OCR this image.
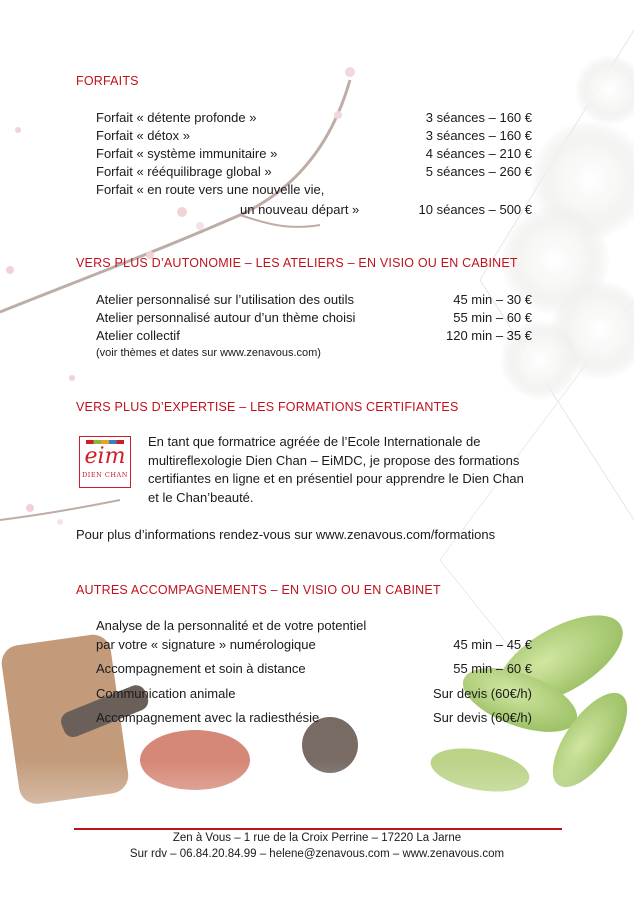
FORFAITS
Forfait « détente profonde »	3 séances – 160 €
Forfait « détox »	3 séances – 160 €
Forfait « système immunitaire »	4 séances – 210 €
Forfait « rééquilibrage global »	5 séances – 260 €
Forfait « en route vers une nouvelle vie,
un nouveau départ »	10 séances – 500 €
VERS PLUS D’AUTONOMIE – LES ATELIERS – EN VISIO OU EN CABINET
Atelier personnalisé sur l’utilisation des outils	45 min – 30 €
Atelier personnalisé autour d’un thème choisi	55 min – 60 €
Atelier collectif	120 min – 35 €
(voir thèmes et dates sur www.zenavous.com)
VERS PLUS D’EXPERTISE – LES FORMATIONS CERTIFIANTES
eim
DIEN CHAN
En tant que formatrice agréée de l’Ecole Internationale de
multireflexologie Dien Chan – EiMDC, je propose des formations
certifiantes en ligne et en présentiel pour apprendre le Dien Chan
et le Chan’beauté.
Pour plus d’informations rendez-vous sur www.zenavous.com/formations
AUTRES ACCOMPAGNEMENTS – EN VISIO OU EN CABINET
Analyse de la personnalité et de votre potentiel
par votre « signature » numérologique	45 min – 45 €
Accompagnement et soin à distance	55 min – 60 €
Communication animale	Sur devis (60€/h)
Accompagnement avec la radiesthésie	Sur devis (60€/h)
Zen à Vous – 1 rue de la Croix Perrine – 17220 La Jarne
Sur rdv – 06.84.20.84.99 – helene@zenavous.com – www.zenavous.com
